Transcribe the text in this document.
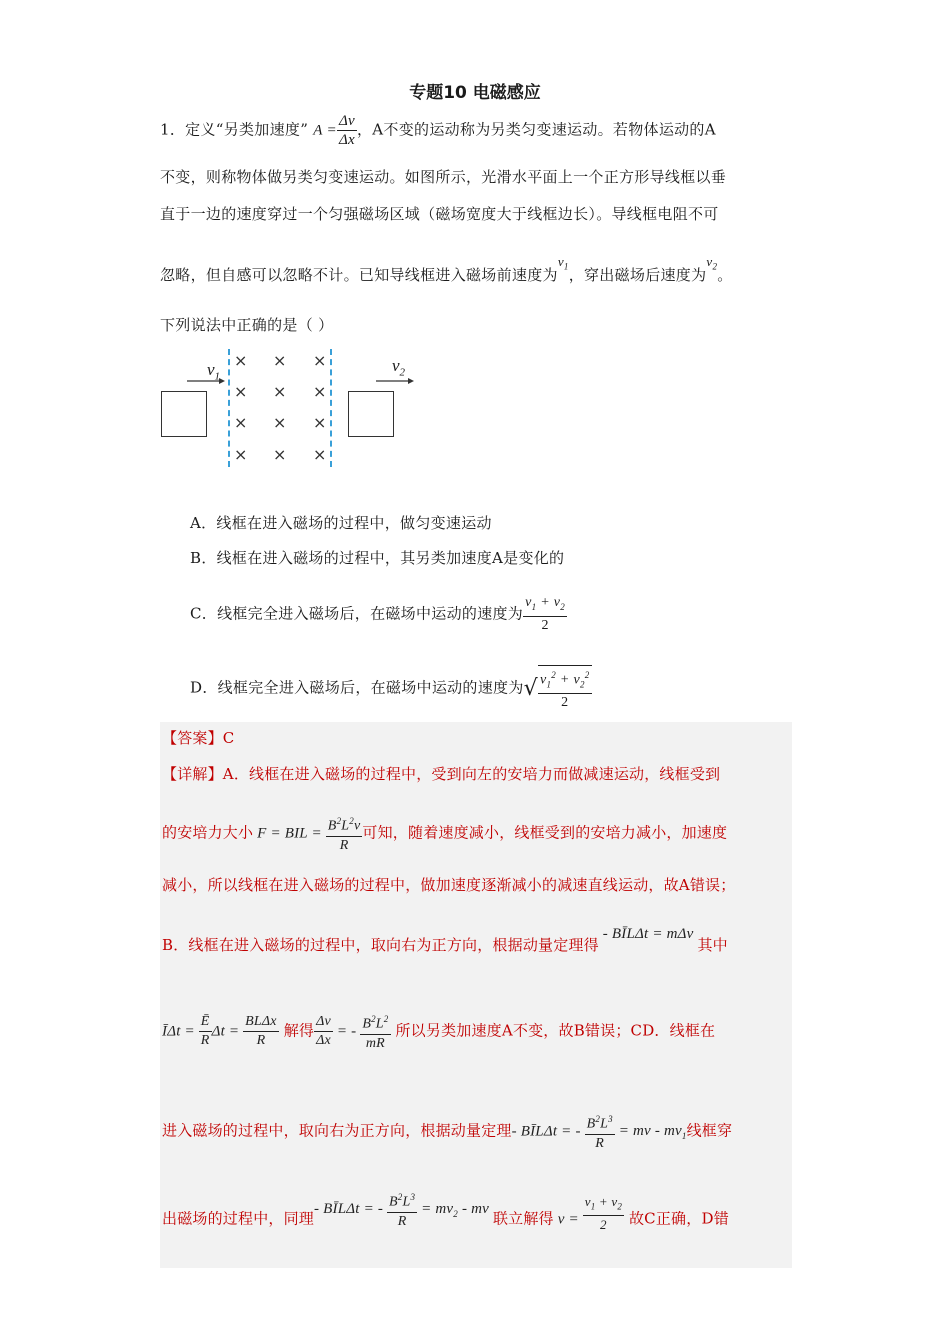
专题10 电磁感应
1．定义“另类加速度” $A = \frac{\Delta v}{\Delta x}$ ，A不变的运动称为另类匀变速运动。若物体运动的A
不变，则称物体做另类匀变速运动。如图所示，光滑水平面上一个正方形导线框以垂
直于一边的速度穿过一个匀强磁场区域（磁场宽度大于线框边长）。导线框电阻不可
忽略，但自感可以忽略不计。已知导线框进入磁场前速度为$v_1$，穿出磁场后速度为$v_2$。
下列说法中正确的是（ ）
$v_1$
$v_2$
× × ×
× × ×
× × ×
× × ×
A．线框在进入磁场的过程中，做匀变速运动
B．线框在进入磁场的过程中，其另类加速度A是变化的
C．线框完全进入磁场后，在磁场中运动的速度为 $\frac{v_1 + v_2}{2}$
D．线框完全进入磁场后，在磁场中运动的速度为√ $\frac{v_1^2 + v_2^2}{2}$
【答案】C
【详解】A．线框在进入磁场的过程中，受到向左的安培力而做减速运动，线框受到
的安培力大小 F = BIL = $\frac{B^2L^2v}{R}$ 可知，随着速度减小，线框受到的安培力减小，加速度
减小，所以线框在进入磁场的过程中，做加速度逐渐减小的减速直线运动，故A错误；
B．线框在进入磁场的过程中，取向右为正方向，根据动量定理得 - BĪLΔt = mΔv 其中
ĪΔt = $\frac{Ē}{R}$ $\Delta t = \frac{\text{BLΔx}}{R}$ 解得 $\frac{\Delta v}{\Delta x}$ = - $\frac{B^2L^2}{mR}$ 所以另类加速度A不变，故B错误；CD．线框在
进入磁场的过程中，取向右为正方向，根据动量定理- BĪLΔt = - $\frac{B^2L^3}{R}$ = mv - $mv_1$线框穿
出磁场的过程中，同理- BĪLΔt = - $\frac{B^2L^3}{R} = mv_2$ - mv 联立解得 $v = \frac{v_1 + v_2}{2}$ 故C正确，D错
